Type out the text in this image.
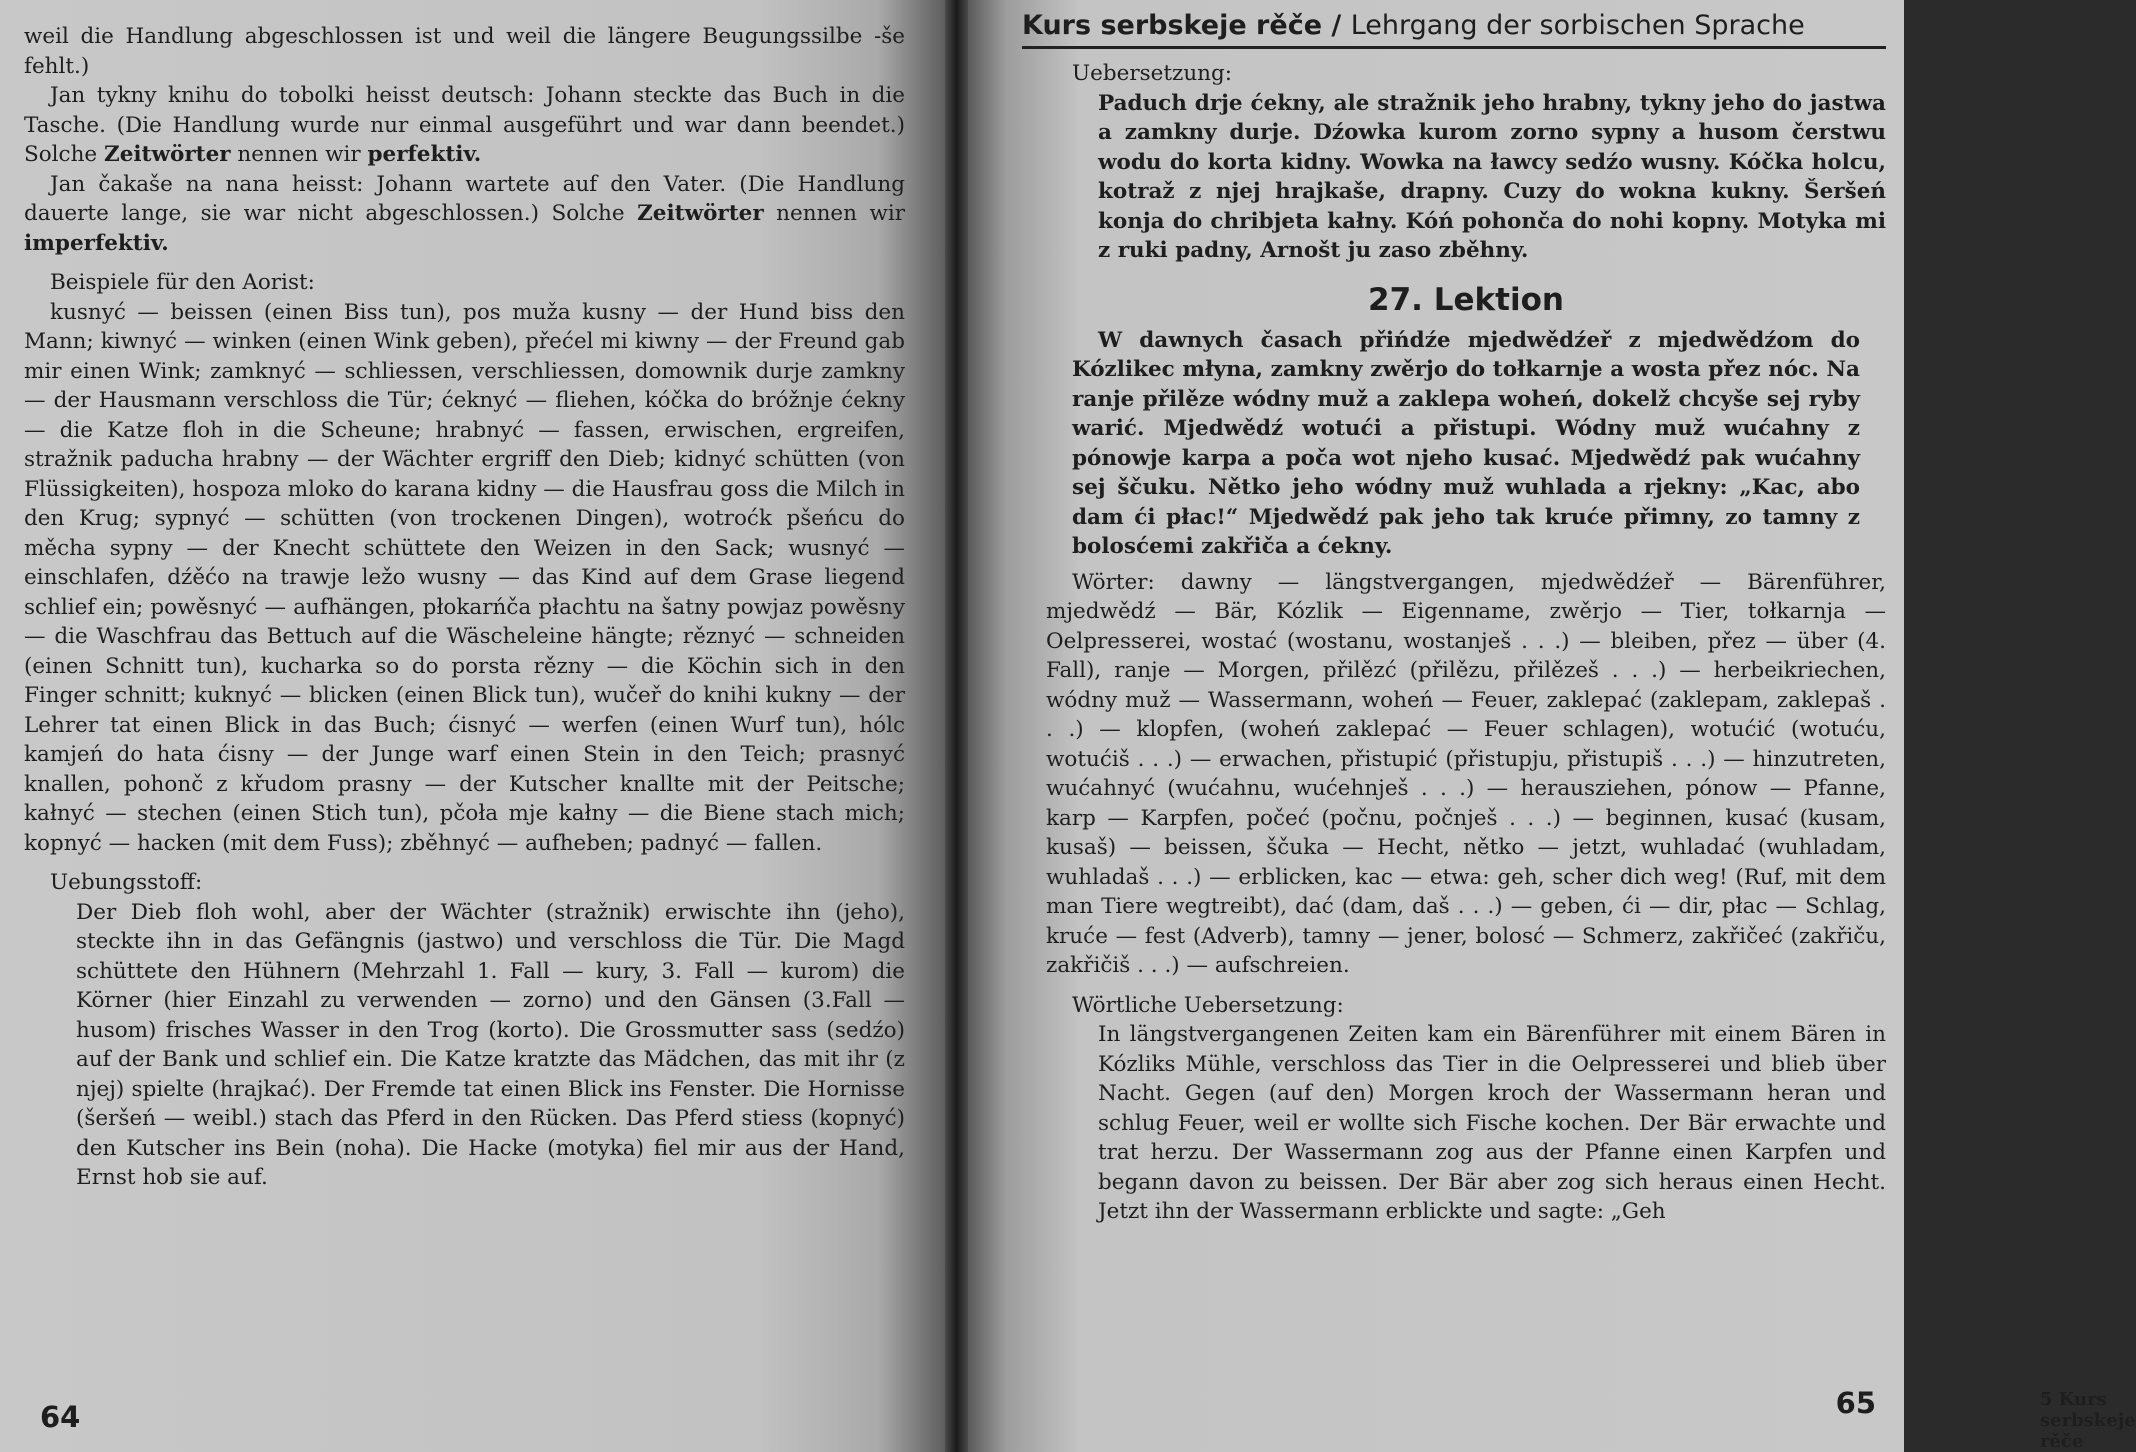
weil die Handlung abgeschlossen ist und weil die längere Beugungssilbe -še fehlt.)

Jan tykny knihu do tobolki heisst deutsch: Johann steckte das Buch in die Tasche. (Die Handlung wurde nur einmal ausgeführt und war dann beendet.) Solche Zeitwörter nennen wir perfektiv.

Jan čakaše na nana heisst: Johann wartete auf den Vater. (Die Handlung dauerte lange, sie war nicht abgeschlossen.) Solche Zeitwörter nennen wir imperfektiv.

Beispiele für den Aorist:

kusnyć — beissen (einen Biss tun), pos muža kusny — der Hund biss den Mann; kiwnyć — winken (einen Wink geben), přećel mi kiwny — der Freund gab mir einen Wink; zamknyć — schliessen, verschliessen, domownik durje zamkny — der Hausmann verschloss die Tür; ćeknyć — fliehen, kóčka do bróžnje ćekny — die Katze floh in die Scheune; hrabnyć — fassen, erwischen, ergreifen, stražnik paducha hrabny — der Wächter ergriff den Dieb; kidnyć schütten (von Flüssigkeiten), hospoza mloko do karana kidny — die Hausfrau goss die Milch in den Krug; sypnyć — schütten (von trockenen Dingen), wotroćk pšeńcu do měcha sypny — der Knecht schüttete den Weizen in den Sack; wusnyć — einschlafen, dźěćo na trawje ležo wusny — das Kind auf dem Grase liegend schlief ein; powěsnyć — aufhängen, płokarńča płachtu na šatny powjaz powěsny — die Waschfrau das Bettuch auf die Wäscheleine hängte; rěznyć — schneiden (einen Schnitt tun), kucharka so do porsta rězny — die Köchin sich in den Finger schnitt; kuknyć — blicken (einen Blick tun), wučeř do knihi kukny — der Lehrer tat einen Blick in das Buch; ćisnyć — werfen (einen Wurf tun), hólc kamjeń do hata ćisny — der Junge warf einen Stein in den Teich; prasnyć knallen, pohonč z křudom prasny — der Kutscher knallte mit der Peitsche; kałnyć — stechen (einen Stich tun), pčoła mje kałny — die Biene stach mich; kopnyć — hacken (mit dem Fuss); zběhnyć — aufheben; padnyć — fallen.

Uebungsstoff:

Der Dieb floh wohl, aber der Wächter (stražnik) erwischte ihn (jeho), steckte ihn in das Gefängnis (jastwo) und verschloss die Tür. Die Magd schüttete den Hühnern (Mehrzahl 1. Fall — kury, 3. Fall — kurom) die Körner (hier Einzahl zu verwenden — zorno) und den Gänsen (3.Fall — husom) frisches Wasser in den Trog (korto). Die Grossmutter sass (sedźo) auf der Bank und schlief ein. Die Katze kratzte das Mädchen, das mit ihr (z njej) spielte (hrajkać). Der Fremde tat einen Blick ins Fenster. Die Hornisse (šeršeń — weibl.) stach das Pferd in den Rücken. Das Pferd stiess (kopnyć) den Kutscher ins Bein (noha). Die Hacke (motyka) fiel mir aus der Hand, Ernst hob sie auf.

64
Kurs serbskeje rěče / Lehrgang der sorbischen Sprache

Uebersetzung:

Paduch drje ćekny, ale stražnik jeho hrabny, tykny jeho do jastwa a zamkny durje. Dźowka kurom zorno sypny a husom čerstwu wodu do korta kidny. Wowka na ławcy sedźo wusny. Kóčka holcu, kotraž z njej hrajkaše, drapny. Cuzy do wokna kukny. Šeršeń konja do chribjeta kałny. Kóń pohonča do nohi kopny. Motyka mi z ruki padny, Arnošt ju zaso zběhny.

27. Lektion

W dawnych časach přińdźe mjedwědźeř z mjedwědźom do Kózlikec młyna, zamkny zwěrjo do tołkarnje a wosta přez nóc. Na ranje přilěze wódny muž a zaklepa woheń, dokelž chcyše sej ryby warić. Mjedwědź wotući a přistupi. Wódny muž wućahny z pónowje karpa a poča wot njeho kusać. Mjedwědź pak wućahny sej ščuku. Nětko jeho wódny muž wuhlada a rjekny: „Kac, abo dam ći płac!“ Mjedwědź pak jeho tak kruće přimny, zo tamny z bolosćemi zakřiča a ćekny.

Wörter: dawny — längstvergangen, mjedwědźeř — Bärenführer, mjedwědź — Bär, Kózlik — Eigenname, zwěrjo — Tier, tołkarnja — Oelpresserei, wostać (wostanu, wostanješ . . .) — bleiben, přez — über (4. Fall), ranje — Morgen, přilězć (přilězu, přilězeš . . .) — herbeikriechen, wódny muž — Wassermann, woheń — Feuer, zaklepać (zaklepam, zaklepaš . . .) — klopfen, (woheń zaklepać — Feuer schlagen), wotućić (wotuću, wotućiš . . .) — erwachen, přistupić (přistupju, přistupiš . . .) — hinzutreten, wućahnyć (wućahnu, wućehnješ . . .) — herausziehen, pónow — Pfanne, karp — Karpfen, počeć (počnu, počnješ . . .) — beginnen, kusać (kusam, kusaš) — beissen, ščuka — Hecht, nětko — jetzt, wuhladać (wuhladam, wuhladaš . . .) — erblicken, kac — etwa: geh, scher dich weg! (Ruf, mit dem man Tiere wegtreibt), dać (dam, daš . . .) — geben, ći — dir, płac — Schlag, kruće — fest (Adverb), tamny — jener, bolosć — Schmerz, zakřičeć (zakřiču, zakřičiš . . .) — aufschreien.

Wörtliche Uebersetzung:

In längstvergangenen Zeiten kam ein Bärenführer mit einem Bären in Kózliks Mühle, verschloss das Tier in die Oelpresserei und blieb über Nacht. Gegen (auf den) Morgen kroch der Wassermann heran und schlug Feuer, weil er wollte sich Fische kochen. Der Bär erwachte und trat herzu. Der Wassermann zog aus der Pfanne einen Karpfen und begann davon zu beissen. Der Bär aber zog sich heraus einen Hecht. Jetzt ihn der Wassermann erblickte und sagte: „Geh

5 Kurs serbskeje rěče
65
